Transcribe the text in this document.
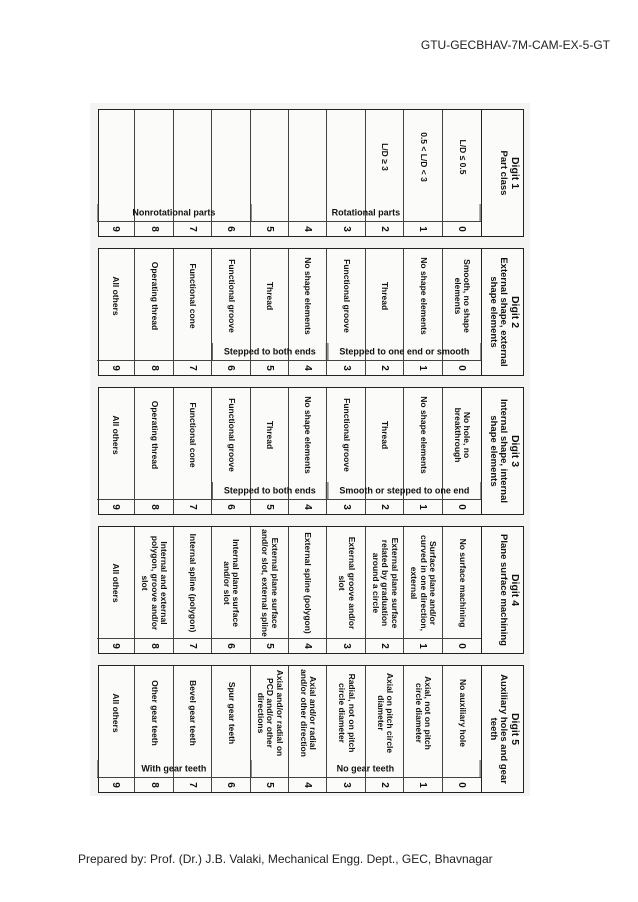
GTU-GECBHAV-7M-CAM-EX-5-GT
Digit 1
Part class
0
L/D ≤ 0.5
1
0.5 < L/D < 3
2
L/D ≥ 3
3
4
5
6
7
8
9
Rotational parts
Nonrotational parts
Digit 2
External shape, external shape elements
0
Smooth, no shape elements
1
No shape elements
2
Thread
3
Functional groove
4
No shape elements
5
Thread
6
Functional groove
7
Functional cone
8
Operating thread
9
All others
Stepped to one end or smooth
Stepped to both ends
Digit 3
Internal shape, internal shape elements
0
No hole, no breakthrough
1
No shape elements
2
Thread
3
Functional groove
4
No shape elements
5
Thread
6
Functional groove
7
Functional cone
8
Operating thread
9
All others
Smooth or stepped to one end
Stepped to both ends
Digit 4
Plane surface machining
0
No surface machining
1
Surface plane and/or curved in one direction, external
2
External plane surface related by graduation around a circle
3
External groove and/or slot
4
External spline (polygon)
5
External plane surface and/or slot, external spline
6
Internal plane surface and/or slot
7
Internal spline (polygon)
8
Internal and external polygon, groove and/or slot
9
All others
Digit 5
Auxiliary holes and gear teeth
0
No auxiliary hole
1
Axial, not on pitch circle diameter
2
Axial on pitch circle diameter
3
Radial, not on pitch circle diameter
4
Axial and/or radial and/or other direction
5
Axial and/or radial on PCD and/or other directions
6
Spur gear teeth
7
Bevel gear teeth
8
Other gear teeth
9
All others
No gear teeth
With gear teeth
Prepared by: Prof. (Dr.) J.B. Valaki, Mechanical Engg. Dept., GEC, Bhavnagar
